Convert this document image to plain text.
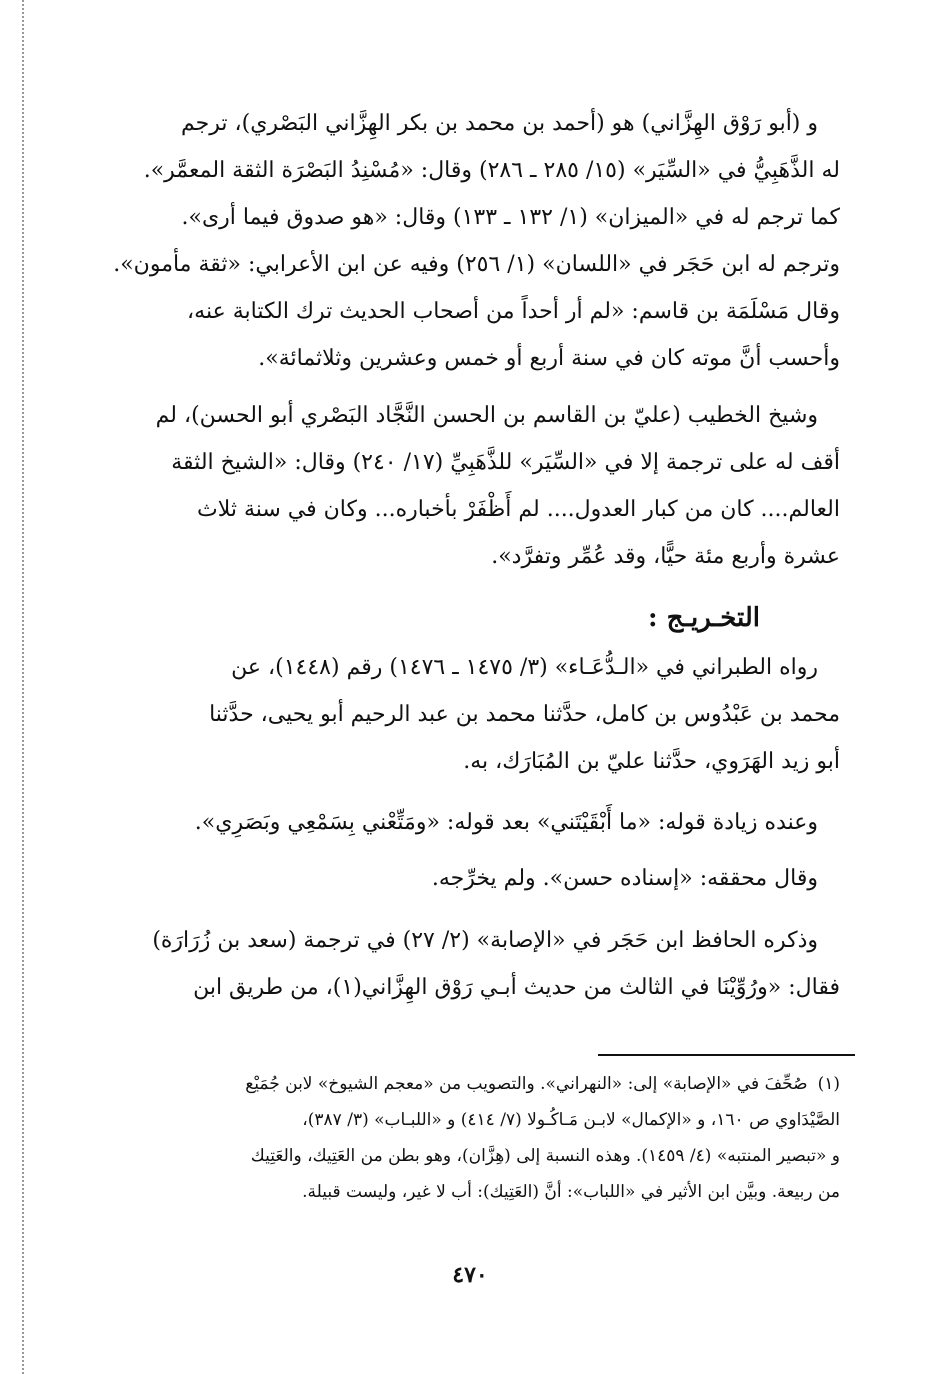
و (أبو رَوْق الهِزَّاني) هو (أحمد بن محمد بن بكر الهِزَّاني البَصْري)، ترجم
له الذَّهَبِيُّ في «السِّيَر» (١٥/ ٢٨٥ ـ ٢٨٦) وقال: «مُسْنِدُ البَصْرَة الثقة المعمَّر».
كما ترجم له في «الميزان» (١/ ١٣٢ ـ ١٣٣) وقال: «هو صدوق فيما أرى».
وترجم له ابن حَجَر في «اللسان» (١/ ٢٥٦) وفيه عن ابن الأعرابي: «ثقة مأمون».
وقال مَسْلَمَة بن قاسم: «لم أر أحداً من أصحاب الحديث ترك الكتابة عنه،
وأحسب أنَّ موته كان في سنة أربع أو خمس وعشرين وثلاثمائة».

وشيخ الخطيب (عليّ بن القاسم بن الحسن النَّجَّاد البَصْري أبو الحسن)، لم
أقف له على ترجمة إلا في «السِّيَر» للذَّهَبِيِّ (١٧/ ٢٤٠) وقال: «الشيخ الثقة
العالم.... كان من كبار العدول.... لم أَظْفَرْ بأخباره... وكان في سنة ثلاث
عشرة وأربع مئة حيًّا، وقد عُمِّر وتفرَّد».

التخـريـج :

رواه الطبراني في «الـدُّعَـاء» (٣/ ١٤٧٥ ـ ١٤٧٦) رقم (١٤٤٨)، عن
محمد بن عَبْدُوس بن كامل، حدَّثنا محمد بن عبد الرحيم أبو يحيى، حدَّثنا
أبو زيد الهَرَوي، حدَّثنا عليّ بن المُبَارَك، به.

وعنده زيادة قوله: «ما أَبْقَيْتَني» بعد قوله: «ومَتِّعْني بِسَمْعِي وبَصَرِي».

وقال محققه: «إسناده حسن». ولم يخرِّجه.

وذكره الحافظ ابن حَجَر في «الإصابة» (٢/ ٢٧) في ترجمة (سعد بن زُرَارَة)
فقال: «ورُوِّيْنَا في الثالث من حديث أبـي رَوْق الهِزَّاني(١)، من طريق ابن

(١)صُحِّفَ في «الإصابة» إلى: «النهراني». والتصويب من «معجم الشيوخ» لابن جُمَيْع

الصَّيْدَاوي ص ١٦٠، و «الإكمال» لابـن مَـاكُـولا (٧/ ٤١٤) و «اللبـاب» (٣/ ٣٨٧)،

و «تبصير المنتبه» (٤/ ١٤٥٩). وهذه النسبة إلى (هِزَّان)، وهو بطن من العَتِيك، والعَتِيك

من ربيعة. وبيَّن ابن الأثير في «اللباب»: أنَّ (العَتِيك): أب لا غير، وليست قبيلة.

٤٧٠
